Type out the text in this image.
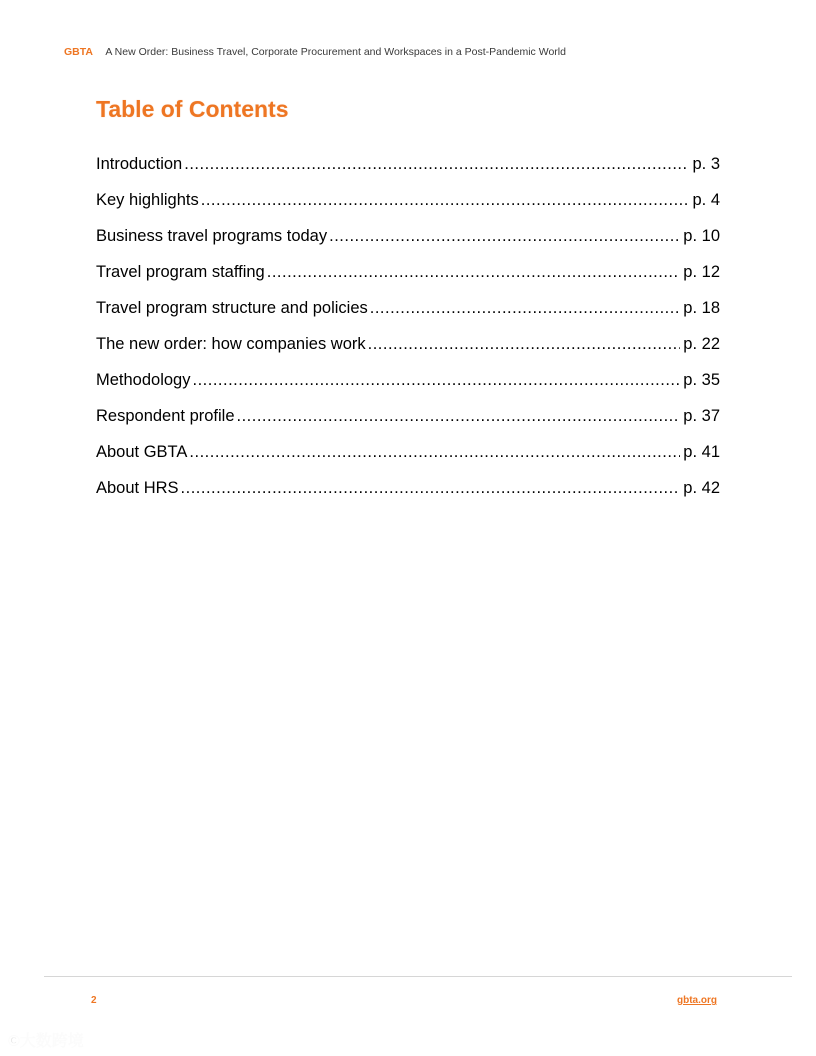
GBTA A New Order: Business Travel, Corporate Procurement and Workspaces in a Post-Pandemic World
Table of Contents
Introduction .....	p. 3
Key highlights .....	p. 4
Business travel programs today .....	p. 10
Travel program staffing .....	p. 12
Travel program structure and policies .....	p. 18
The new order: how companies work .....	p. 22
Methodology .....	p. 35
Respondent profile .....	p. 37
About GBTA .....	p. 41
About HRS .....	p. 42
2	gbta.org
©大数跨境
